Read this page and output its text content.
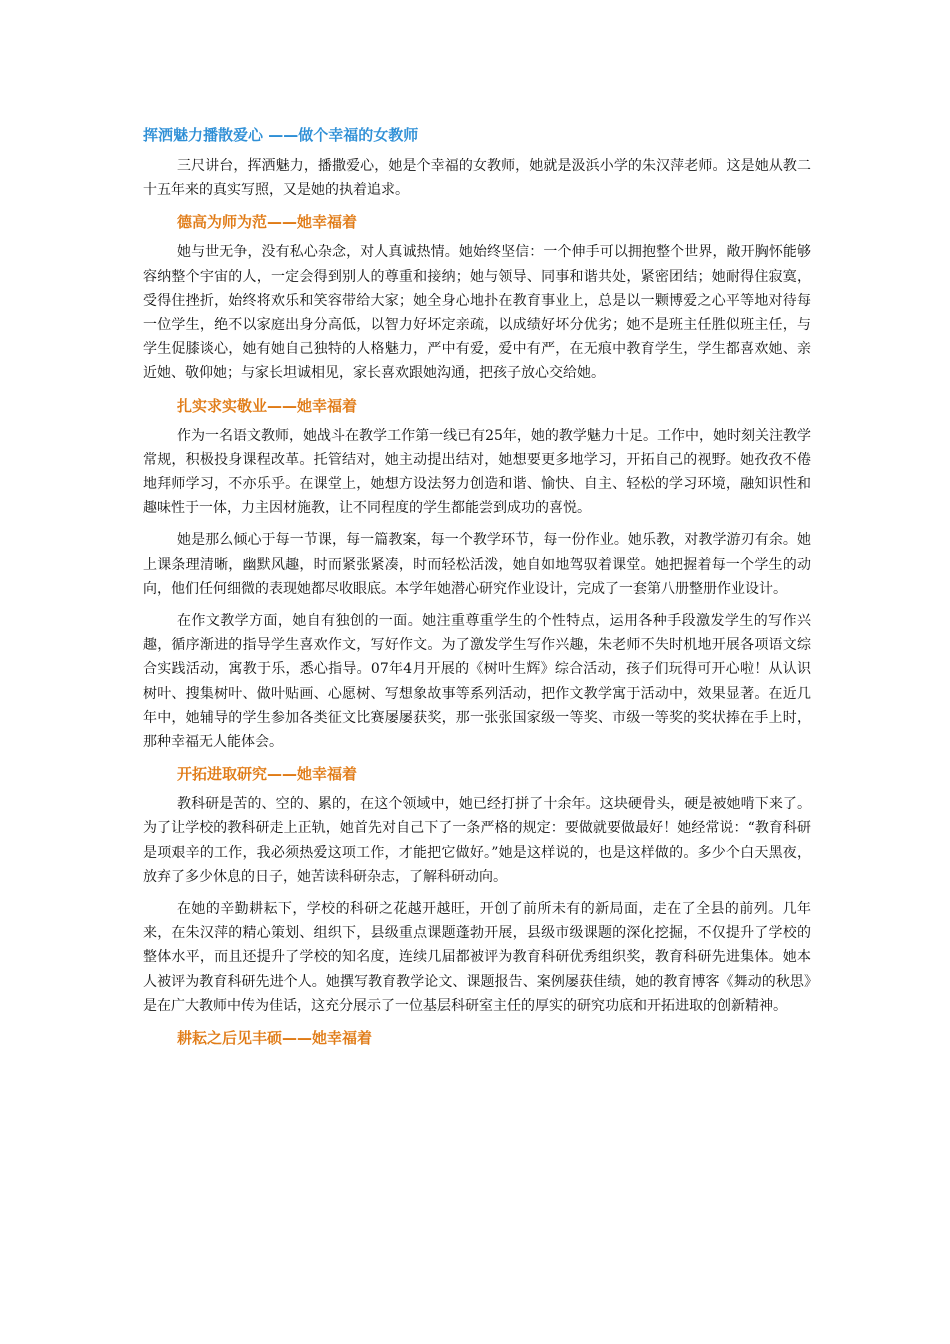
挥洒魅力播散爱心 ——做个幸福的女教师

三尺讲台，挥洒魅力，播撒爱心，她是个幸福的女教师，她就是汲浜小学的朱汉萍老师。这是她从教二十五年来的真实写照，又是她的执着追求。

德高为师为范——她幸福着

她与世无争，没有私心杂念，对人真诚热情。她始终坚信：一个伸手可以拥抱整个世界，敞开胸怀能够容纳整个宇宙的人，一定会得到别人的尊重和接纳；她与领导、同事和谐共处，紧密团结；她耐得住寂寞，受得住挫折，始终将欢乐和笑容带给大家；她全身心地扑在教育事业上，总是以一颗博爱之心平等地对待每一位学生，绝不以家庭出身分高低，以智力好坏定亲疏，以成绩好坏分优劣；她不是班主任胜似班主任，与学生促膝谈心，她有她自己独特的人格魅力，严中有爱，爱中有严，在无痕中教育学生，学生都喜欢她、亲近她、敬仰她；与家长坦诚相见，家长喜欢跟她沟通，把孩子放心交给她。

扎实求实敬业——她幸福着

作为一名语文教师，她战斗在教学工作第一线已有25年，她的教学魅力十足。工作中，她时刻关注教学常规，积极投身课程改革。托管结对，她主动提出结对，她想要更多地学习，开拓自己的视野。她孜孜不倦地拜师学习，不亦乐乎。在课堂上，她想方设法努力创造和谐、愉快、自主、轻松的学习环境，融知识性和趣味性于一体，力主因材施教，让不同程度的学生都能尝到成功的喜悦。

她是那么倾心于每一节课，每一篇教案，每一个教学环节，每一份作业。她乐教，对教学游刃有余。她上课条理清晰，幽默风趣，时而紧张紧凑，时而轻松活泼，她自如地驾驭着课堂。她把握着每一个学生的动向，他们任何细微的表现她都尽收眼底。本学年她潜心研究作业设计，完成了一套第八册整册作业设计。

在作文教学方面，她自有独创的一面。她注重尊重学生的个性特点，运用各种手段激发学生的写作兴趣，循序渐进的指导学生喜欢作文，写好作文。为了激发学生写作兴趣，朱老师不失时机地开展各项语文综合实践活动，寓教于乐，悉心指导。07年4月开展的《树叶生辉》综合活动，孩子们玩得可开心啦！从认识树叶、搜集树叶、做叶贴画、心愿树、写想象故事等系列活动，把作文教学寓于活动中，效果显著。在近几年中，她辅导的学生参加各类征文比赛屡屡获奖，那一张张国家级一等奖、市级一等奖的奖状捧在手上时，那种幸福无人能体会。

开拓进取研究——她幸福着

教科研是苦的、空的、累的，在这个领域中，她已经打拼了十余年。这块硬骨头，硬是被她啃下来了。为了让学校的教科研走上正轨，她首先对自己下了一条严格的规定：要做就要做最好！她经常说：“教育科研是项艰辛的工作，我必须热爱这项工作，才能把它做好。”她是这样说的，也是这样做的。多少个白天黑夜，放弃了多少休息的日子，她苦读科研杂志，了解科研动向。

在她的辛勤耕耘下，学校的科研之花越开越旺，开创了前所未有的新局面，走在了全县的前列。几年来，在朱汉萍的精心策划、组织下，县级重点课题蓬勃开展，县级市级课题的深化挖掘，不仅提升了学校的整体水平，而且还提升了学校的知名度，连续几届都被评为教育科研优秀组织奖，教育科研先进集体。她本人被评为教育科研先进个人。她撰写教育教学论文、课题报告、案例屡获佳绩，她的教育博客《舞动的秋思》是在广大教师中传为佳话，这充分展示了一位基层科研室主任的厚实的研究功底和开拓进取的创新精神。

耕耘之后见丰硕——她幸福着
